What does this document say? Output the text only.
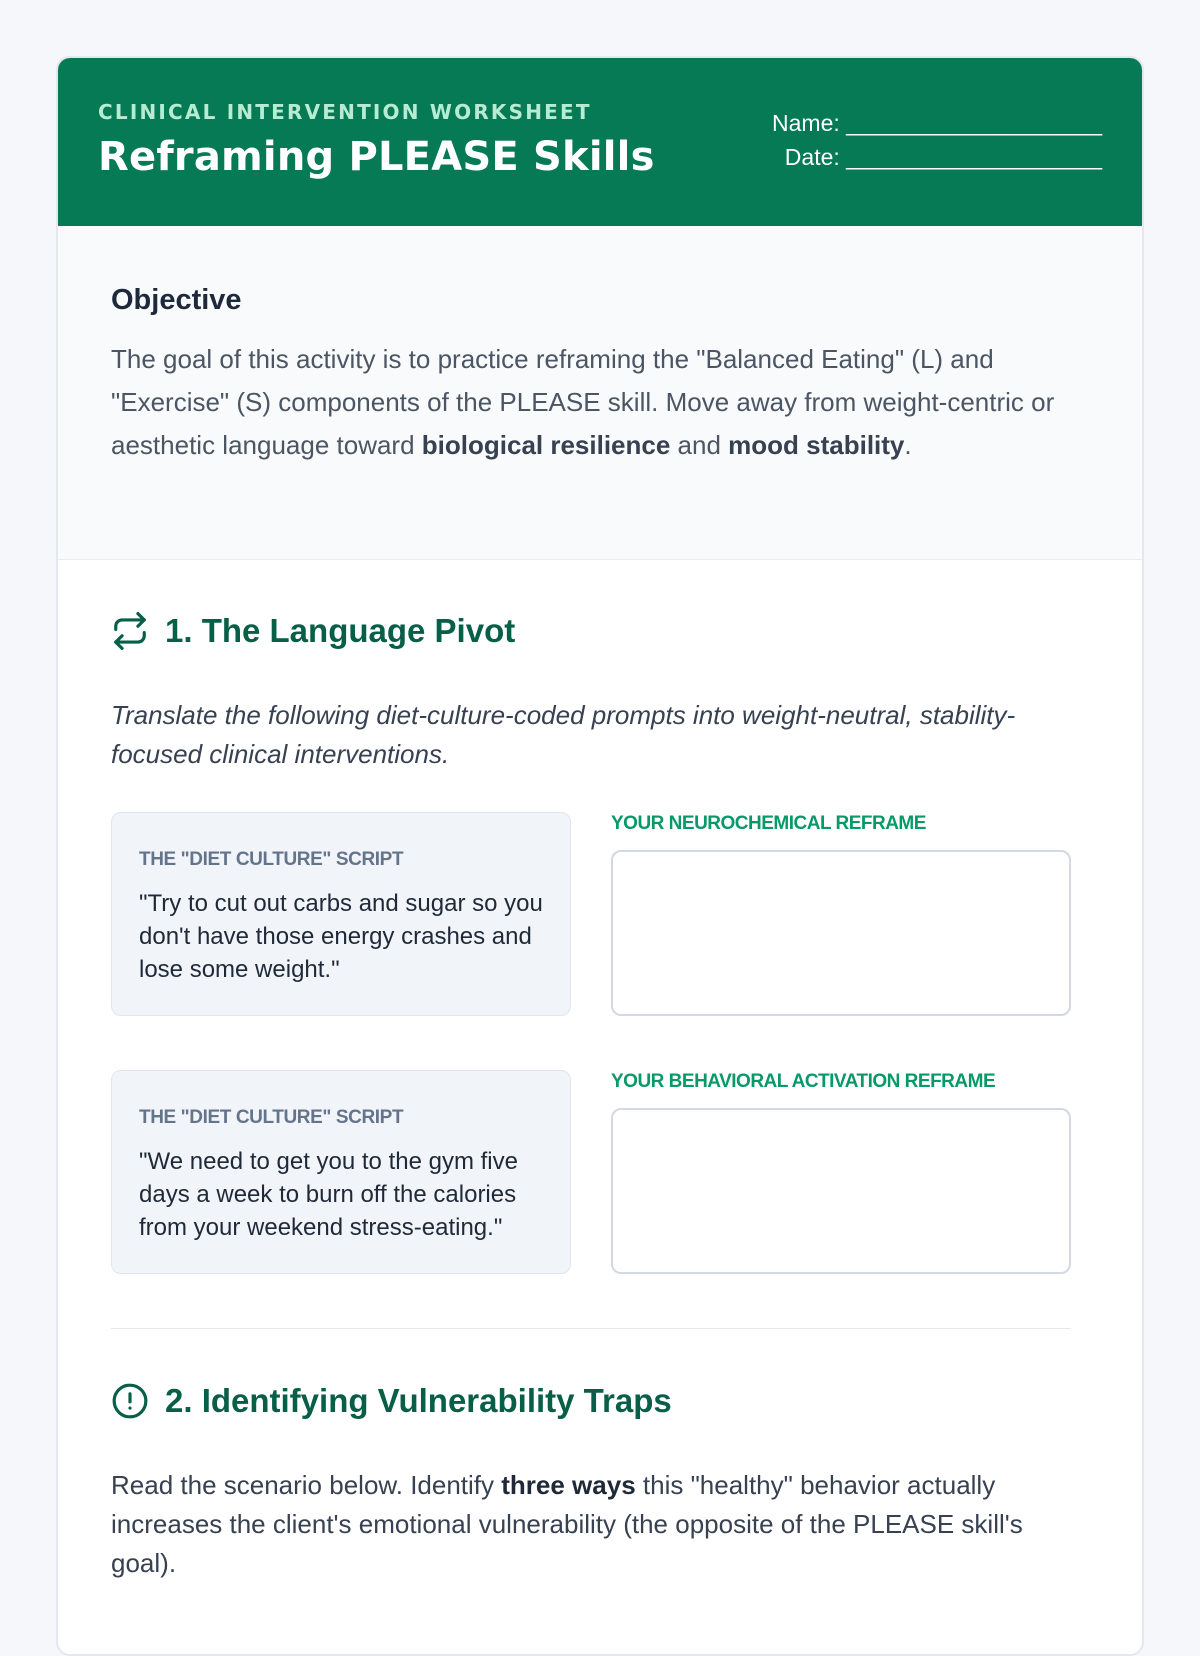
CLINICAL INTERVENTION WORKSHEET
Reframing PLEASE Skills
Name: ____________________
Date: ____________________
Objective

The goal of this activity is to practice reframing the "Balanced Eating" (L) and "Exercise" (S) components of the PLEASE skill. Move away from weight-centric or aesthetic language toward biological resilience and mood stability.

1. The Language Pivot

Translate the following diet-culture-coded prompts into weight-neutral, stability-focused clinical interventions.

THE "DIET CULTURE" SCRIPT
"Try to cut out carbs and sugar so you don't have those energy crashes and lose some weight."
YOUR NEUROCHEMICAL REFRAME
THE "DIET CULTURE" SCRIPT
"We need to get you to the gym five days a week to burn off the calories from your weekend stress-eating."
YOUR BEHAVIORAL ACTIVATION REFRAME
2. Identifying Vulnerability Traps

Read the scenario below. Identify three ways this "healthy" behavior actually increases the client's emotional vulnerability (the opposite of the PLEASE skill's goal).
